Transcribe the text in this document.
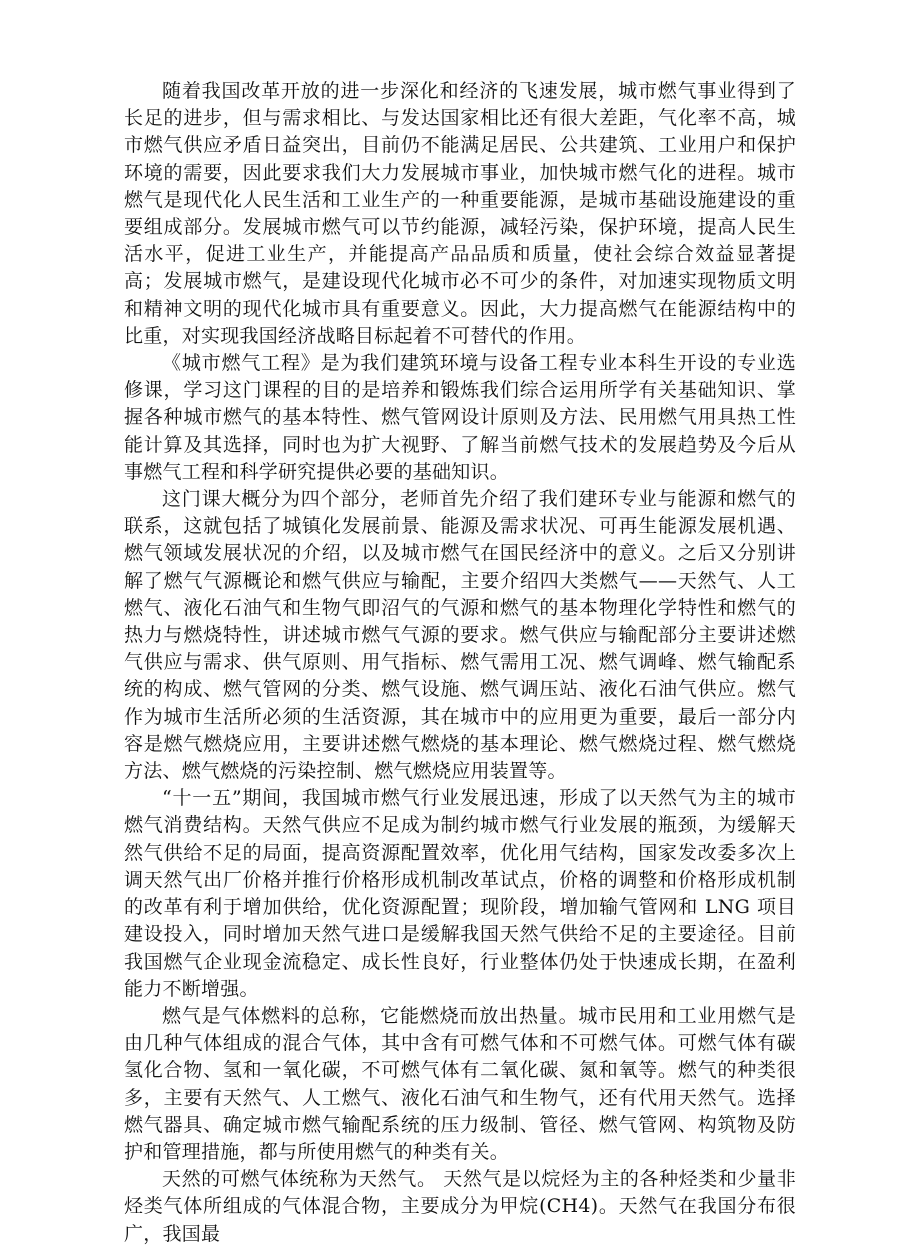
随着我国改革开放的进一步深化和经济的飞速发展，城市燃气事业得到了长足的进步，但与需求相比、与发达国家相比还有很大差距，气化率不高，城市燃气供应矛盾日益突出，目前仍不能满足居民、公共建筑、工业用户和保护环境的需要，因此要求我们大力发展城市事业，加快城市燃气化的进程。城市燃气是现代化人民生活和工业生产的一种重要能源，是城市基础设施建设的重要组成部分。发展城市燃气可以节约能源，减轻污染，保护环境，提高人民生活水平，促进工业生产，并能提高产品品质和质量，使社会综合效益显著提高；发展城市燃气，是建设现代化城市必不可少的条件，对加速实现物质文明和精神文明的现代化城市具有重要意义。因此，大力提高燃气在能源结构中的比重，对实现我国经济战略目标起着不可替代的作用。

《城市燃气工程》是为我们建筑环境与设备工程专业本科生开设的专业选修课，学习这门课程的目的是培养和锻炼我们综合运用所学有关基础知识、掌握各种城市燃气的基本特性、燃气管网设计原则及方法、民用燃气用具热工性能计算及其选择，同时也为扩大视野、了解当前燃气技术的发展趋势及今后从事燃气工程和科学研究提供必要的基础知识。

这门课大概分为四个部分，老师首先介绍了我们建环专业与能源和燃气的联系，这就包括了城镇化发展前景、能源及需求状况、可再生能源发展机遇、燃气领域发展状况的介绍，以及城市燃气在国民经济中的意义。之后又分别讲解了燃气气源概论和燃气供应与输配，主要介绍四大类燃气——天然气、人工燃气、液化石油气和生物气即沼气的气源和燃气的基本物理化学特性和燃气的热力与燃烧特性，讲述城市燃气气源的要求。燃气供应与输配部分主要讲述燃气供应与需求、供气原则、用气指标、燃气需用工况、燃气调峰、燃气输配系统的构成、燃气管网的分类、燃气设施、燃气调压站、液化石油气供应。燃气作为城市生活所必须的生活资源，其在城市中的应用更为重要，最后一部分内容是燃气燃烧应用，主要讲述燃气燃烧的基本理论、燃气燃烧过程、燃气燃烧方法、燃气燃烧的污染控制、燃气燃烧应用装置等。

“十一五”期间，我国城市燃气行业发展迅速，形成了以天然气为主的城市燃气消费结构。天然气供应不足成为制约城市燃气行业发展的瓶颈，为缓解天然气供给不足的局面，提高资源配置效率，优化用气结构，国家发改委多次上调天然气出厂价格并推行价格形成机制改革试点，价格的调整和价格形成机制的改革有利于增加供给，优化资源配置；现阶段，增加输气管网和 LNG 项目建设投入，同时增加天然气进口是缓解我国天然气供给不足的主要途径。目前我国燃气企业现金流稳定、成长性良好，行业整体仍处于快速成长期，在盈利能力不断增强。

燃气是气体燃料的总称，它能燃烧而放出热量。城市民用和工业用燃气是由几种气体组成的混合气体，其中含有可燃气体和不可燃气体。可燃气体有碳氢化合物、氢和一氧化碳，不可燃气体有二氧化碳、氮和氧等。燃气的种类很多，主要有天然气、人工燃气、液化石油气和生物气，还有代用天然气。选择燃气器具、确定城市燃气输配系统的压力级制、管径、燃气管网、构筑物及防护和管理措施，都与所使用燃气的种类有关。

天然的可燃气体统称为天然气。 天然气是以烷烃为主的各种烃类和少量非烃类气体所组成的气体混合物，主要成分为甲烷(CH4)。天然气在我国分布很广，我国最
